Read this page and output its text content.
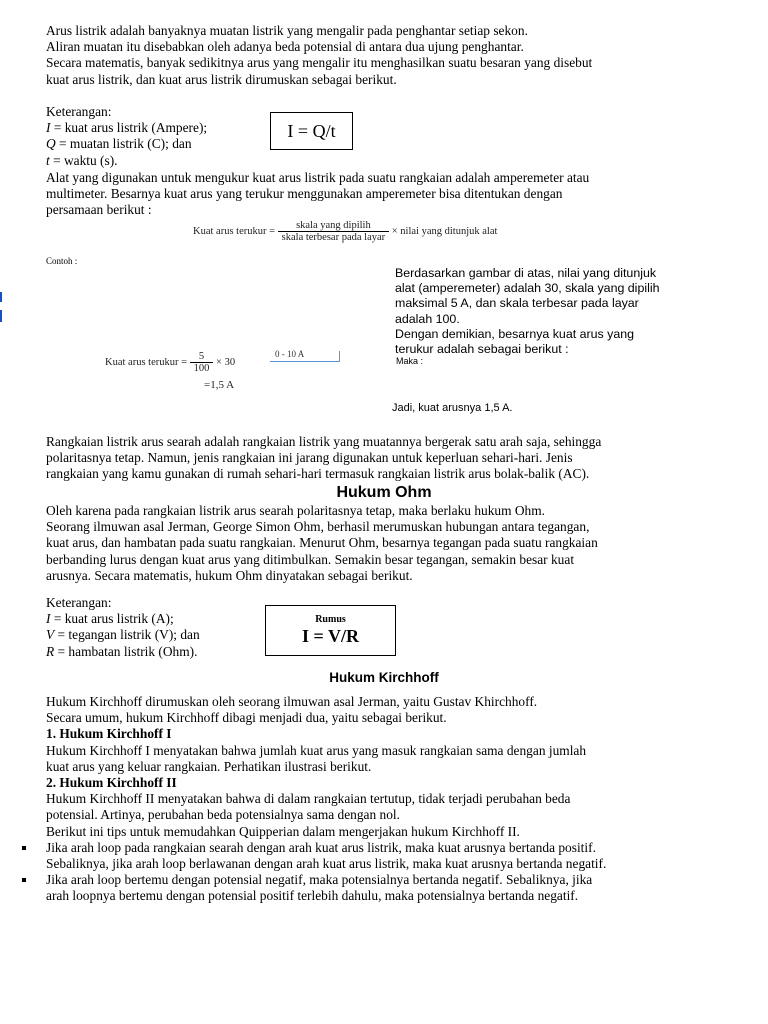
Arus listrik adalah banyaknya muatan listrik yang mengalir pada penghantar setiap sekon.

Aliran muatan itu disebabkan oleh adanya beda potensial di antara dua ujung penghantar.

Secara matematis, banyak sedikitnya arus yang mengalir itu menghasilkan suatu besaran yang disebut

kuat arus listrik, dan kuat arus listrik dirumuskan sebagai berikut.

Keterangan:

I = kuat arus listrik (Ampere);

Q = muatan listrik (C); dan

t = waktu (s).

I = Q/t

Alat yang digunakan untuk mengukur kuat arus listrik pada suatu rangkaian adalah amperemeter atau

multimeter. Besarnya kuat arus yang terukur menggunakan amperemeter bisa ditentukan dengan

persamaan berikut :

Kuat arus terukur = $\frac{\text{skala yang dipilih}}{\text{skala terbesar pada layar}}$ × nilai yang ditunjuk alat
Contoh :

Berdasarkan gambar di atas, nilai yang ditunjuk

alat (amperemeter) adalah 30, skala yang dipilih

maksimal 5 A, dan skala terbesar pada layar

adalah 100.

Dengan demikian, besarnya kuat arus yang

terukur adalah sebagai berikut :

Maka :
Kuat arus terukur = $\frac{5}{100} \times 30$
0 - 10 A
=1,5 A
Jadi, kuat arusnya 1,5 A.

Rangkaian listrik arus searah adalah rangkaian listrik yang muatannya bergerak satu arah saja, sehingga

polaritasnya tetap. Namun, jenis rangkaian ini jarang digunakan untuk keperluan sehari-hari. Jenis

rangkaian yang kamu gunakan di rumah sehari-hari termasuk rangkaian listrik arus bolak-balik (AC).

Hukum Ohm

Oleh karena pada rangkaian listrik arus searah polaritasnya tetap, maka berlaku hukum Ohm.

Seorang ilmuwan asal Jerman, George Simon Ohm, berhasil merumuskan hubungan antara tegangan,

kuat arus, dan hambatan pada suatu rangkaian. Menurut Ohm, besarnya tegangan pada suatu rangkaian

berbanding lurus dengan kuat arus yang ditimbulkan. Semakin besar tegangan, semakin besar kuat

arusnya. Secara matematis, hukum Ohm dinyatakan sebagai berikut.

Keterangan:

I = kuat arus listrik (A);

V = tegangan listrik (V); dan

R = hambatan listrik (Ohm).

Rumus
I = V/R
Hukum Kirchhoff

Hukum Kirchhoff dirumuskan oleh seorang ilmuwan asal Jerman, yaitu Gustav Khirchhoff.

Secara umum, hukum Kirchhoff dibagi menjadi dua, yaitu sebagai berikut.

1. Hukum Kirchhoff I

Hukum Kirchhoff I menyatakan bahwa jumlah kuat arus yang masuk rangkaian sama dengan jumlah

kuat arus yang keluar rangkaian. Perhatikan ilustrasi berikut.

2. Hukum Kirchhoff II

Hukum Kirchhoff II menyatakan bahwa di dalam rangkaian tertutup, tidak terjadi perubahan beda

potensial. Artinya, perubahan beda potensialnya sama dengan nol.

Berikut ini tips untuk memudahkan Quipperian dalam mengerjakan hukum Kirchhoff II.

Jika arah loop pada rangkaian searah dengan arah kuat arus listrik, maka kuat arusnya bertanda positif.

Sebaliknya, jika arah loop berlawanan dengan arah kuat arus listrik, maka kuat arusnya bertanda negatif.

Jika arah loop bertemu dengan potensial negatif, maka potensialnya bertanda negatif. Sebaliknya, jika

arah loopnya bertemu dengan potensial positif terlebih dahulu, maka potensialnya bertanda negatif.
